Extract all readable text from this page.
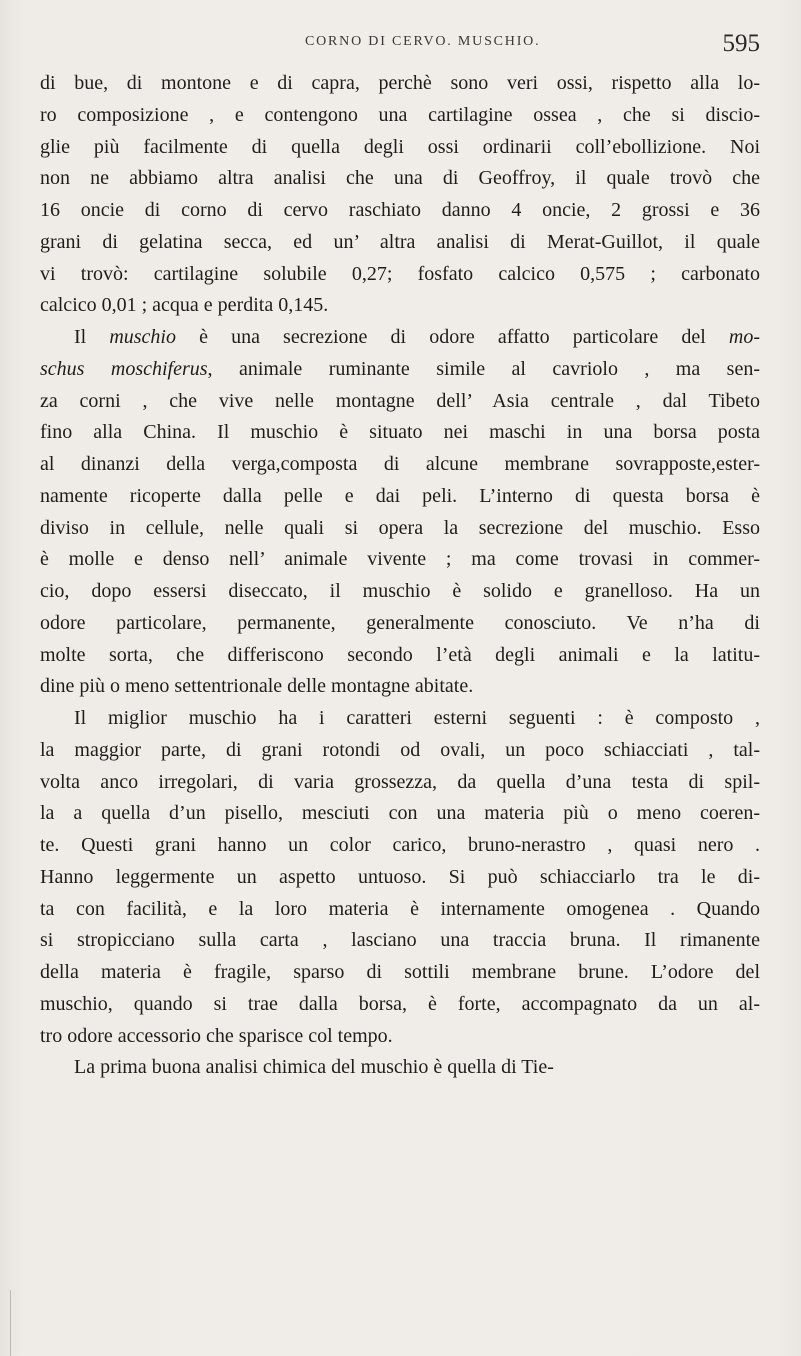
CORNO DI CERVO. MUSCHIO.	595
di bue, di montone e di capra, perchè sono veri ossi, rispetto alla lo-
ro composizione , e contengono una cartilagine ossea , che si discio-
glie più facilmente di quella degli ossi ordinarii coll’ebollizione. Noi
non ne abbiamo altra analisi che una di Geoffroy, il quale trovò che
16 oncie di corno di cervo raschiato danno 4 oncie, 2 grossi e 36
grani di gelatina secca, ed un’ altra analisi di Merat-Guillot, il quale
vi trovò: cartilagine solubile 0,27; fosfato calcico 0,575 ; carbonato
calcico 0,01 ; acqua e perdita 0,145.
Il muschio è una secrezione di odore affatto particolare del mo-
schus moschiferus, animale ruminante simile al cavriolo , ma sen-
za corni , che vive nelle montagne dell’ Asia centrale , dal Tibeto
fino alla China. Il muschio è situato nei maschi in una borsa posta
al dinanzi della verga,composta di alcune membrane sovrapposte,ester-
namente ricoperte dalla pelle e dai peli. L’interno di questa borsa è
diviso in cellule, nelle quali si opera la secrezione del muschio. Esso
è molle e denso nell’ animale vivente ; ma come trovasi in commer-
cio, dopo essersi diseccato, il muschio è solido e granelloso. Ha un
odore particolare, permanente, generalmente conosciuto. Ve n’ha di
molte sorta, che differiscono secondo l’età degli animali e la latitu-
dine più o meno settentrionale delle montagne abitate.
Il miglior muschio ha i caratteri esterni seguenti : è composto ,
la maggior parte, di grani rotondi od ovali, un poco schiacciati , tal-
volta anco irregolari, di varia grossezza, da quella d’una testa di spil-
la a quella d’un pisello, mesciuti con una materia più o meno coeren-
te. Questi grani hanno un color carico, bruno-nerastro , quasi nero .
Hanno leggermente un aspetto untuoso. Si può schiacciarlo tra le di-
ta con facilità, e la loro materia è internamente omogenea . Quando
si stropicciano sulla carta , lasciano una traccia bruna. Il rimanente
della materia è fragile, sparso di sottili membrane brune. L’odore del
muschio, quando si trae dalla borsa, è forte, accompagnato da un al-
tro odore accessorio che sparisce col tempo.
La prima buona analisi chimica del muschio è quella di Tie-
